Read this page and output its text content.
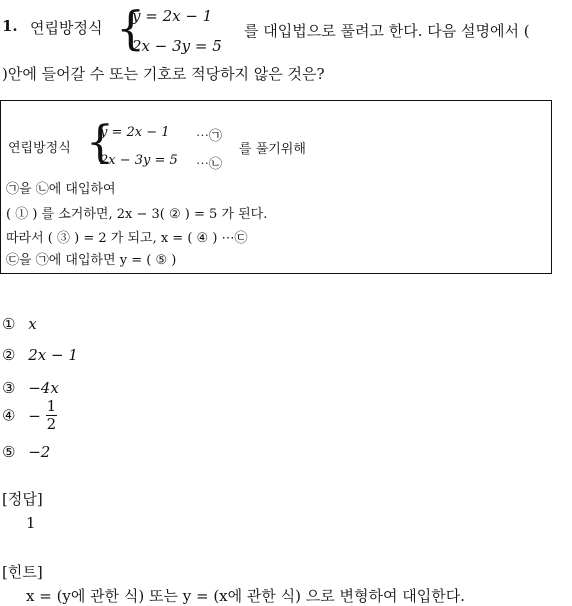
1. 연립방정식 {
y = 2x − 1
2x − 3y = 5
를 대입법으로 풀려고 한다. 다음 설명에서 (
)안에 들어갈 수 또는 기호로 적당하지 않은 것은?
연립방정식 {
y = 2x − 1 ⋯㉠
2x − 3y = 5 ⋯㉡
를 풀기위해
㉠을 ㉡에 대입하여
( ① ) 를 소거하면, 2x − 3( ② ) = 5 가 된다.
따라서 ( ③ ) = 2 가 되고, x = ( ④ ) ⋯㉢
㉢을 ㉠에 대입하면 y = ( ⑤ )
① x
② 2x − 1
③ −4x
④ − $\frac{1}{2}$
⑤ −2
[정답]
1
[힌트]
x = (y에 관한 식) 또는 y = (x에 관한 식) 으로 변형하여 대입한다.
